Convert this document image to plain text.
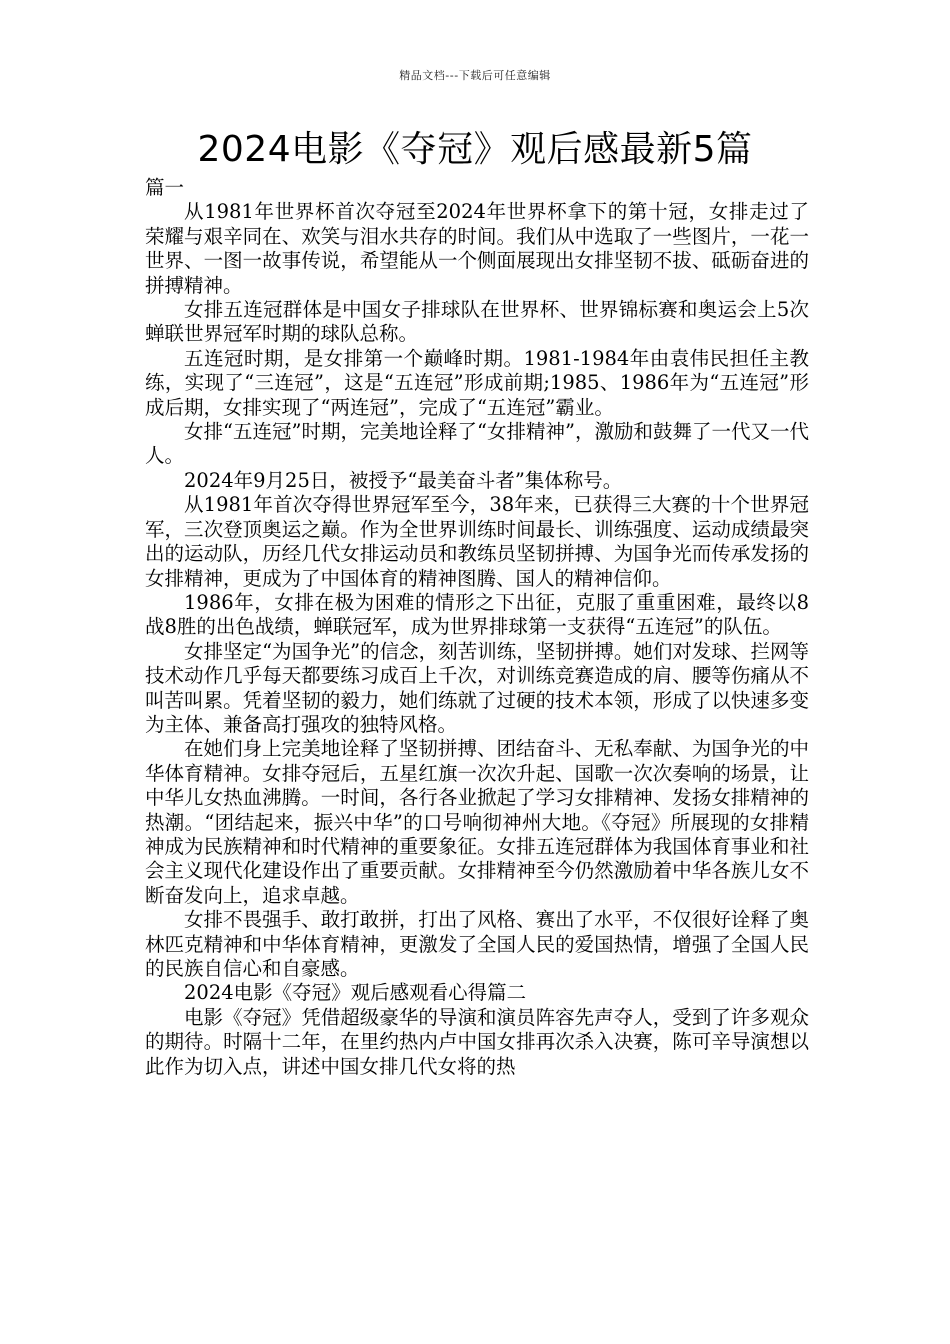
精品文档---下载后可任意编辑
2024电影《夺冠》观后感最新5篇

篇一

从1981年世界杯首次夺冠至2024年世界杯拿下的第十冠，女排走过了荣耀与艰辛同在、欢笑与泪水共存的时间。我们从中选取了一些图片，一花一世界、一图一故事传说，希望能从一个侧面展现出女排坚韧不拔、砥砺奋进的拼搏精神。

女排五连冠群体是中国女子排球队在世界杯、世界锦标赛和奥运会上5次蝉联世界冠军时期的球队总称。

五连冠时期，是女排第一个巅峰时期。1981-1984年由袁伟民担任主教练，实现了“三连冠”，这是“五连冠”形成前期;1985、1986年为“五连冠”形成后期，女排实现了“两连冠”，完成了“五连冠”霸业。

女排“五连冠”时期，完美地诠释了“女排精神”，激励和鼓舞了一代又一代人。

2024年9月25日，被授予“最美奋斗者”集体称号。

从1981年首次夺得世界冠军至今，38年来，已获得三大赛的十个世界冠军，三次登顶奥运之巅。作为全世界训练时间最长、训练强度、运动成绩最突出的运动队，历经几代女排运动员和教练员坚韧拼搏、为国争光而传承发扬的女排精神，更成为了中国体育的精神图腾、国人的精神信仰。

1986年，女排在极为困难的情形之下出征，克服了重重困难，最终以8战8胜的出色战绩，蝉联冠军，成为世界排球第一支获得“五连冠”的队伍。

女排坚定“为国争光”的信念，刻苦训练，坚韧拼搏。她们对发球、拦网等技术动作几乎每天都要练习成百上千次，对训练竞赛造成的肩、腰等伤痛从不叫苦叫累。凭着坚韧的毅力，她们练就了过硬的技术本领，形成了以快速多变为主体、兼备高打强攻的独特风格。

在她们身上完美地诠释了坚韧拼搏、团结奋斗、无私奉献、为国争光的中华体育精神。女排夺冠后，五星红旗一次次升起、国歌一次次奏响的场景，让中华儿女热血沸腾。一时间，各行各业掀起了学习女排精神、发扬女排精神的热潮。“团结起来，振兴中华”的口号响彻神州大地。《夺冠》所展现的女排精神成为民族精神和时代精神的重要象征。女排五连冠群体为我国体育事业和社会主义现代化建设作出了重要贡献。女排精神至今仍然激励着中华各族儿女不断奋发向上，追求卓越。

女排不畏强手、敢打敢拼，打出了风格、赛出了水平，不仅很好诠释了奥林匹克精神和中华体育精神，更激发了全国人民的爱国热情，增强了全国人民的民族自信心和自豪感。

2024电影《夺冠》观后感观看心得篇二

电影《夺冠》凭借超级豪华的导演和演员阵容先声夺人，受到了许多观众的期待。时隔十二年，在里约热内卢中国女排再次杀入决赛，陈可辛导演想以此作为切入点，讲述中国女排几代女将的热
